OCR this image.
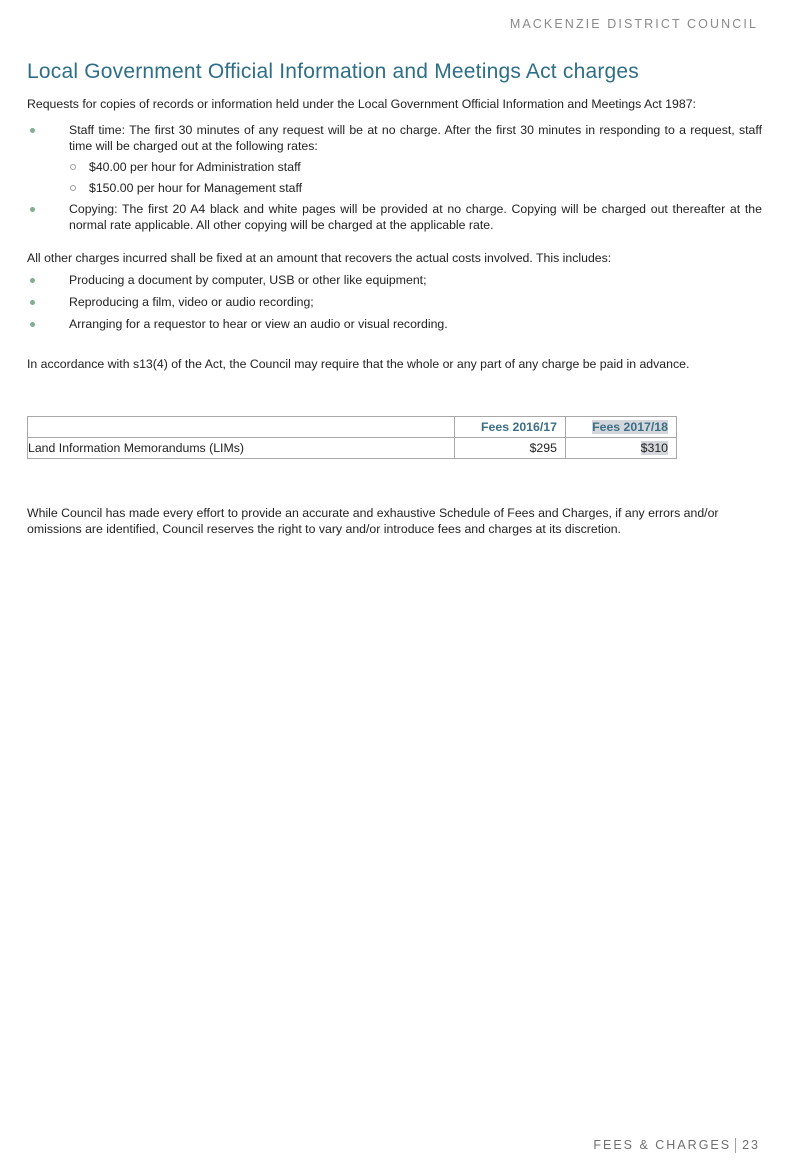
MACKENZIE DISTRICT COUNCIL
Local Government Official Information and Meetings Act charges

Requests for copies of records or information held under the Local Government Official Information and Meetings Act 1987:

Staff time: The first 30 minutes of any request will be at no charge. After the first 30 minutes in responding to a request, staff time will be charged out at the following rates:
$40.00 per hour for Administration staff
$150.00 per hour for Management staff
Copying: The first 20 A4 black and white pages will be provided at no charge. Copying will be charged out thereafter at the normal rate applicable. All other copying will be charged at the applicable rate.

All other charges incurred shall be fixed at an amount that recovers the actual costs involved. This includes:

Producing a document by computer, USB or other like equipment;
Reproducing a film, video or audio recording;
Arranging for a requestor to hear or view an audio or visual recording.

In accordance with s13(4) of the Act, the Council may require that the whole or any part of any charge be paid in advance.

	Fees 2016/17	Fees 2017/18
Land Information Memorandums (LIMs)	$295	$310

While Council has made every effort to provide an accurate and exhaustive Schedule of Fees and Charges, if any errors and/or omissions are identified, Council reserves the right to vary and/or introduce fees and charges at its discretion.

FEES & CHARGES 23
